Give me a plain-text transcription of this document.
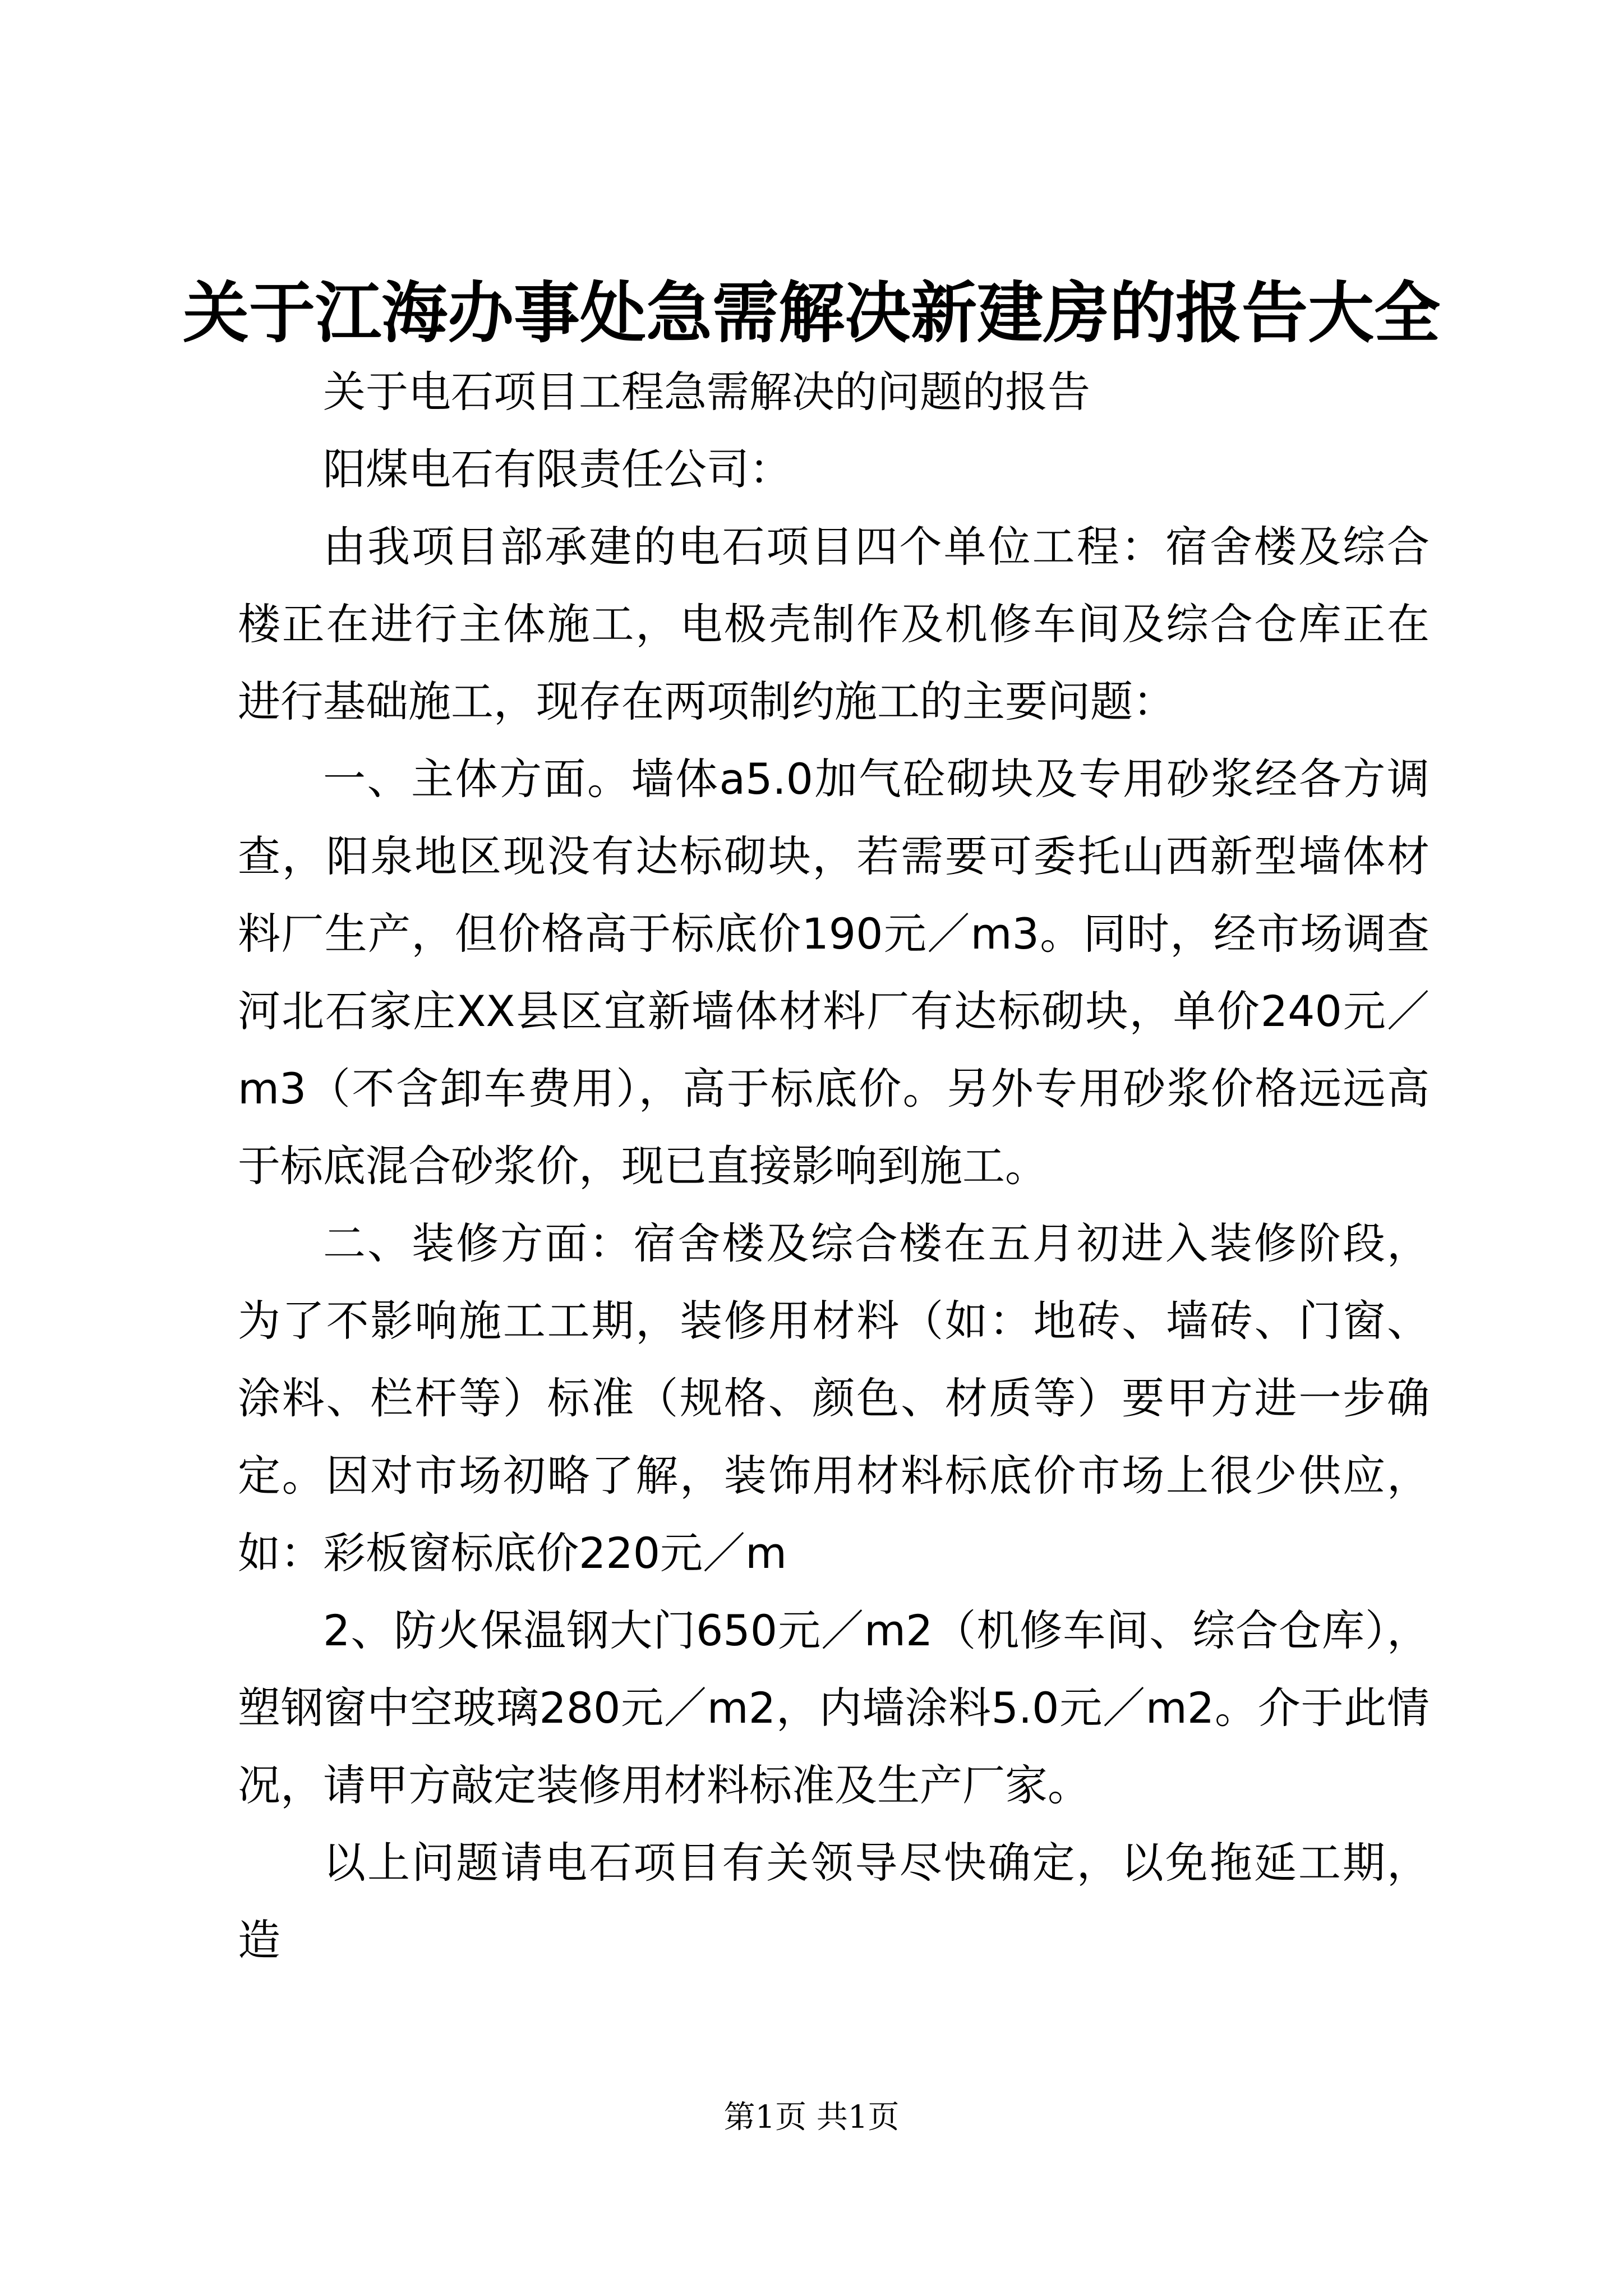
关于江海办事处急需解决新建房的报告大全

关于电石项目工程急需解决的问题的报告

阳煤电石有限责任公司：

由我项目部承建的电石项目四个单位工程：宿舍楼及综合楼正在进行主体施工，电极壳制作及机修车间及综合仓库正在进行基础施工，现存在两项制约施工的主要问题：

一、主体方面。墙体a5.0加气砼砌块及专用砂浆经各方调查，阳泉地区现没有达标砌块，若需要可委托山西新型墙体材料厂生产，但价格高于标底价190元／m3。同时，经市场调查河北石家庄XX县区宜新墙体材料厂有达标砌块，单价240元／m3（不含卸车费用），高于标底价。另外专用砂浆价格远远高于标底混合砂浆价，现已直接影响到施工。

二、装修方面：宿舍楼及综合楼在五月初进入装修阶段，为了不影响施工工期，装修用材料（如：地砖、墙砖、门窗、涂料、栏杆等）标准（规格、颜色、材质等）要甲方进一步确定。因对市场初略了解，装饰用材料标底价市场上很少供应，如：彩板窗标底价220元／m

2、防火保温钢大门650元／m2（机修车间、综合仓库），塑钢窗中空玻璃280元／m2，内墙涂料5.0元／m2。介于此情况，请甲方敲定装修用材料标准及生产厂家。

以上问题请电石项目有关领导尽快确定，以免拖延工期，造

第1页 共1页
